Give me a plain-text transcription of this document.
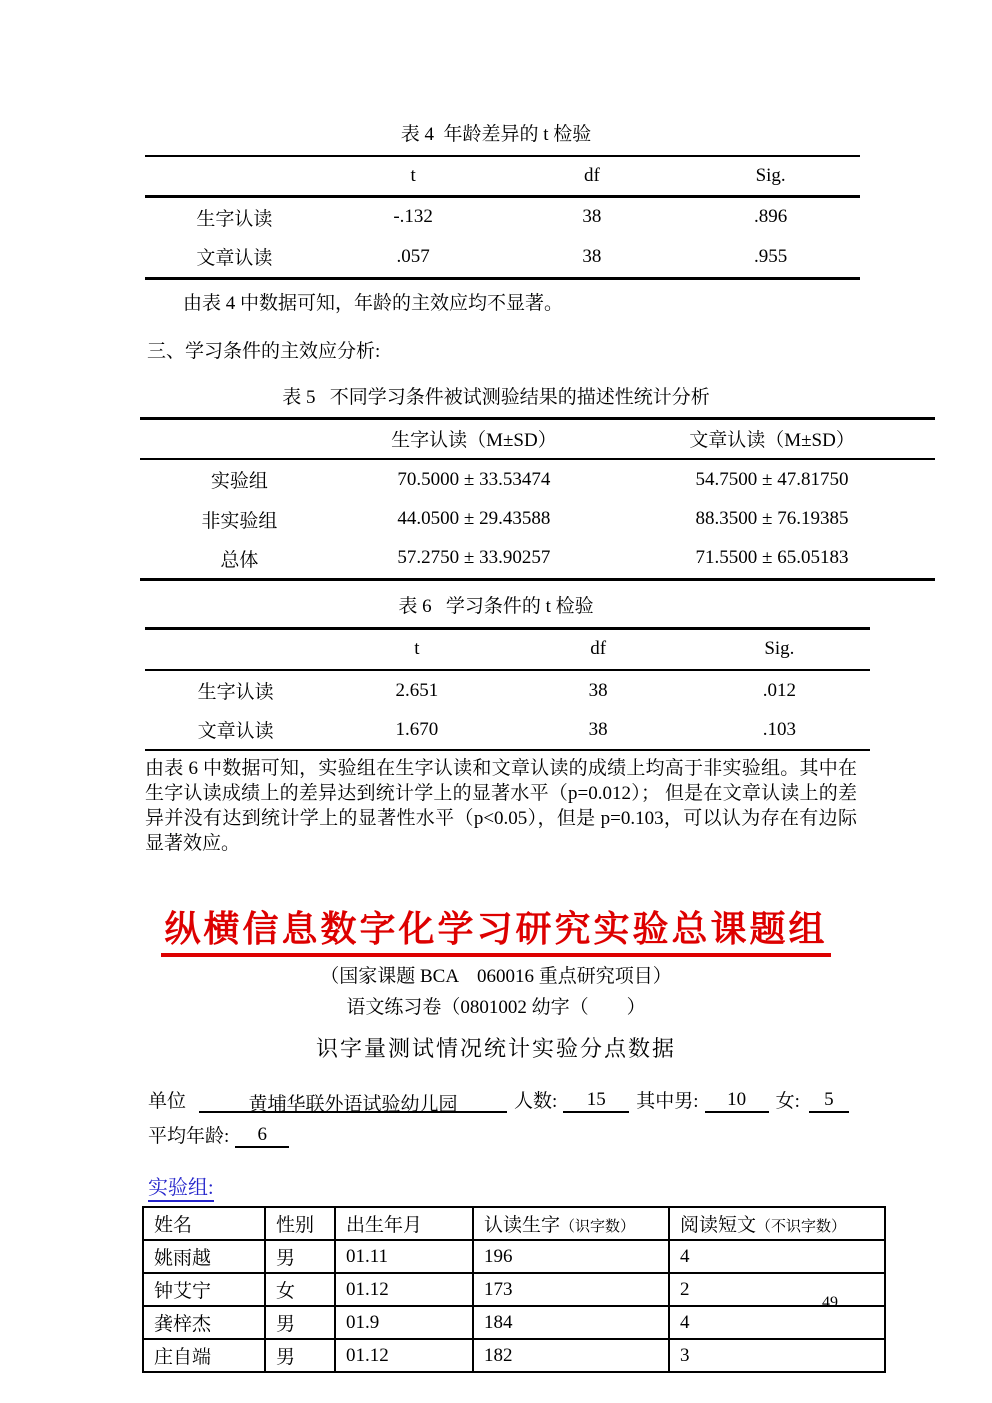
表 4  年龄差异的 t 检验
	t	df	Sig.
生字认读	-.132	38	.896
文章认读	.057	38	.955
由表 4 中数据可知，年龄的主效应均不显著。
三、学习条件的主效应分析:
表 5   不同学习条件被试测验结果的描述性统计分析
	生字认读（M±SD）	文章认读（M±SD）
实验组	70.5000 ± 33.53474	54.7500 ± 47.81750
非实验组	44.0500 ± 29.43588	88.3500 ± 76.19385
总体	57.2750 ± 33.90257	71.5500 ± 65.05183
表 6   学习条件的 t 检验
	t	df	Sig.
生字认读	2.651	38	.012
文章认读	1.670	38	.103
由表 6 中数据可知，实验组在生字认读和文章认读的成绩上均高于非实验组。其中在生字认读成绩上的差异达到统计学上的显著水平（p=0.012）； 但是在文章认读上的差异并没有达到统计学上的显著性水平（p<0.05），但是 p=0.103，可以认为存在有边际显著效应。
纵横信息数字化学习研究实验总课题组
（国家课题 BCA　060016 重点研究项目）
语文练习卷（0801002 幼字（　　）
识字量测试情况统计实验分点数据
单位	黄埔华联外语试验幼儿园	人数: 15 其中男: 10 女: 5
平均年龄: 6
实验组:
姓名	性别	出生年月	认读生字（识字数）	阅读短文（不识字数）
姚雨越	男	01.11	196	4
钟艾宁	女	01.12	173	2
龚梓杰	男	01.9	184	4
庄自端	男	01.12	182	3
49
